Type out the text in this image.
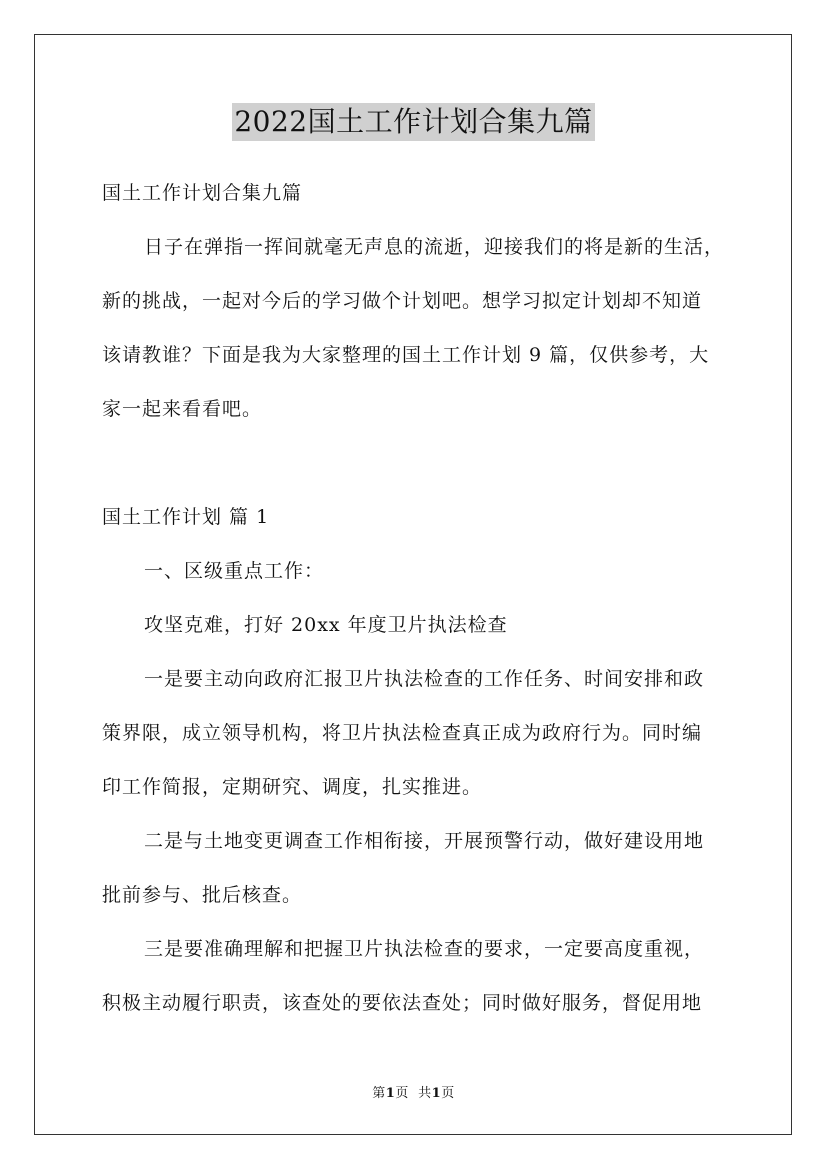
2022国土工作计划合集九篇
国土工作计划合集九篇
日子在弹指一挥间就毫无声息的流逝，迎接我们的将是新的生活，
新的挑战，一起对今后的学习做个计划吧。想学习拟定计划却不知道
该请教谁？下面是我为大家整理的国土工作计划 9 篇，仅供参考，大
家一起来看看吧。
国土工作计划 篇 1
一、区级重点工作：
攻坚克难，打好 20xx 年度卫片执法检查
一是要主动向政府汇报卫片执法检查的工作任务、时间安排和政
策界限，成立领导机构，将卫片执法检查真正成为政府行为。同时编
印工作简报，定期研究、调度，扎实推进。
二是与土地变更调查工作相衔接，开展预警行动，做好建设用地
批前参与、批后核查。
三是要准确理解和把握卫片执法检查的要求，一定要高度重视，
积极主动履行职责，该查处的要依法查处；同时做好服务，督促用地
第1页 共1页
